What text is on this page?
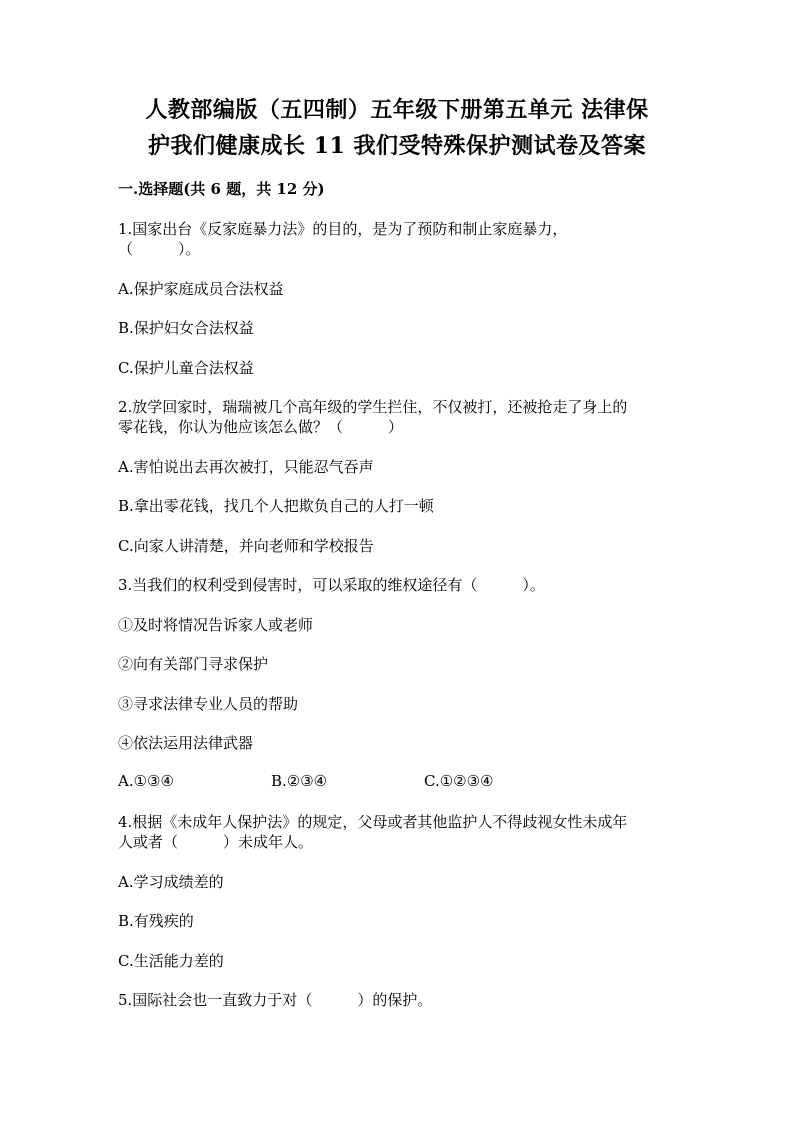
人教部编版（五四制）五年级下册第五单元 法律保
护我们健康成长 11 我们受特殊保护测试卷及答案
一.选择题(共 6 题，共 12 分)
1.国家出台《反家庭暴力法》的目的，是为了预防和制止家庭暴力，
（　　　）。
A.保护家庭成员合法权益
B.保护妇女合法权益
C.保护儿童合法权益
2.放学回家时，瑞瑞被几个高年级的学生拦住，不仅被打，还被抢走了身上的
零花钱，你认为他应该怎么做？（　　　）
A.害怕说出去再次被打，只能忍气吞声
B.拿出零花钱，找几个人把欺负自己的人打一顿
C.向家人讲清楚，并向老师和学校报告
3.当我们的权利受到侵害时，可以采取的维权途径有（　　　）。
①及时将情况告诉家人或老师
②向有关部门寻求保护
③寻求法律专业人员的帮助
④依法运用法律武器
A.①③④	B.②③④	C.①②③④
4.根据《未成年人保护法》的规定，父母或者其他监护人不得歧视女性未成年
人或者（　　　）未成年人。
A.学习成绩差的
B.有残疾的
C.生活能力差的
5.国际社会也一直致力于对（　　　）的保护。
